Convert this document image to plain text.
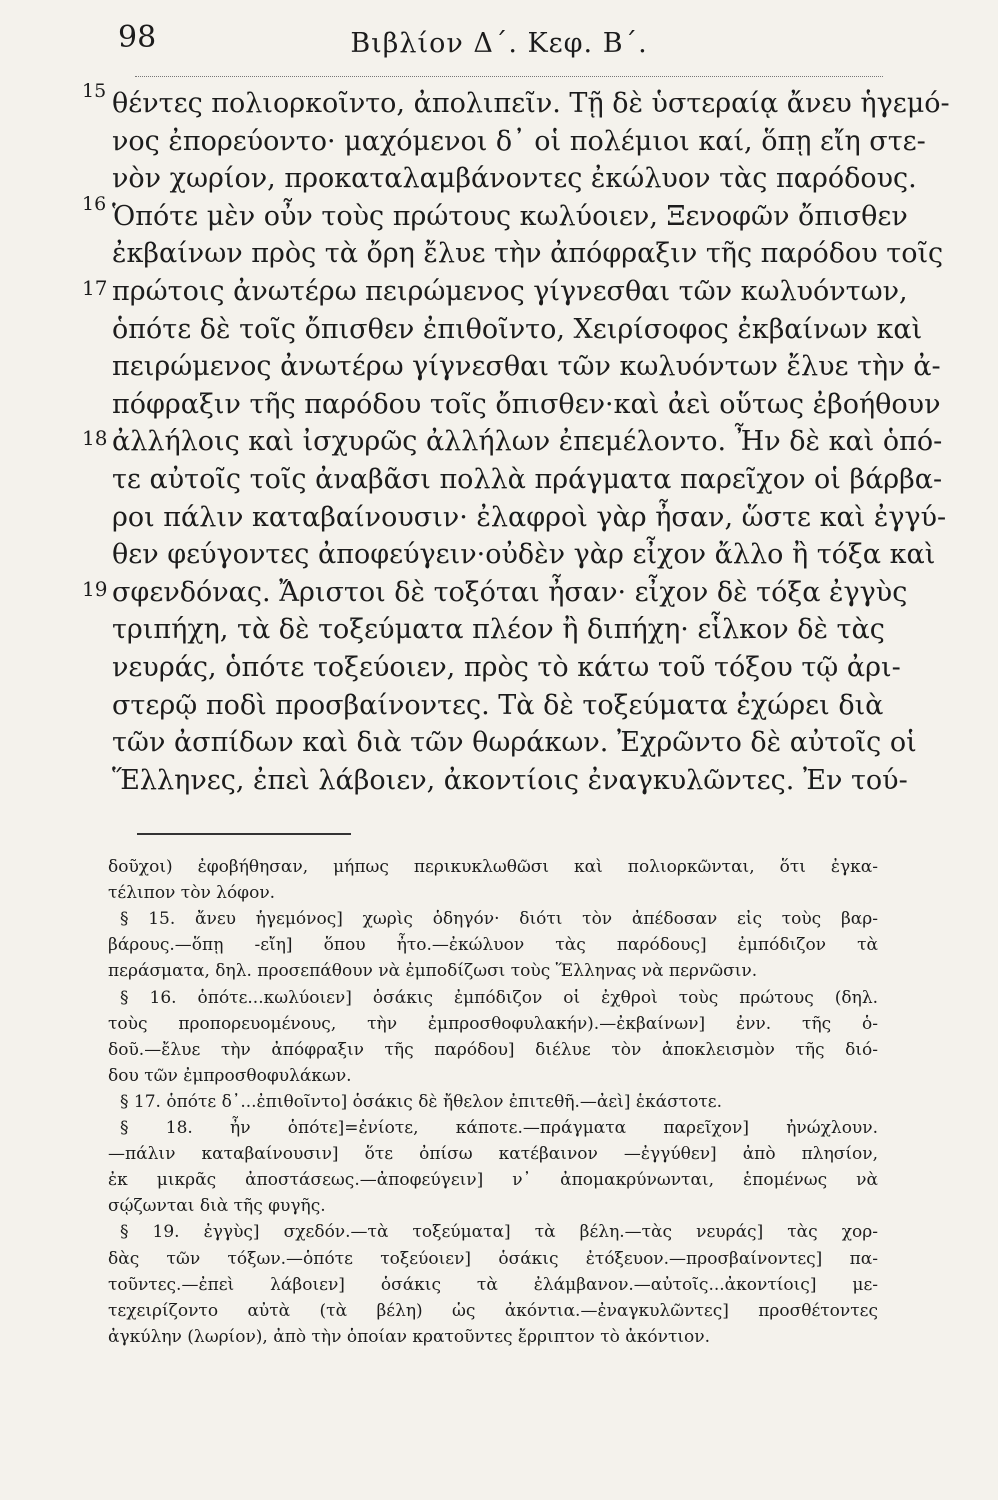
98	Βιβλίον Δ΄. Κεφ. Β΄.
15 θέντες πολιορκοῖντο, ἀπολιπεῖν. Τῇ δὲ ὑστεραίᾳ ἄνευ ἡγεμό-
νος ἐπορεύοντο· μαχόμενοι δ᾽ οἱ πολέμιοι καί, ὅπῃ εἴη στε-
νὸν χωρίον, προκαταλαμβάνοντες ἐκώλυον τὰς παρόδους.
16 Ὁπότε μὲν οὖν τοὺς πρώτους κωλύοιεν, Ξενοφῶν ὄπισθεν
ἐκβαίνων πρὸς τὰ ὄρη ἔλυε τὴν ἀπόφραξιν τῆς παρόδου τοῖς
17 πρώτοις ἀνωτέρω πειρώμενος γίγνεσθαι τῶν κωλυόντων,
ὁπότε δὲ τοῖς ὄπισθεν ἐπιθοῖντο, Χειρίσοφος ἐκβαίνων καὶ
πειρώμενος ἀνωτέρω γίγνεσθαι τῶν κωλυόντων ἔλυε τὴν ἀ-
πόφραξιν τῆς παρόδου τοῖς ὄπισθεν·καὶ ἀεὶ οὕτως ἐβοήθουν
18 ἀλλήλοις καὶ ἰσχυρῶς ἀλλήλων ἐπεμέλοντο. Ἦν δὲ καὶ ὁπό-
τε αὐτοῖς τοῖς ἀναβᾶσι πολλὰ πράγματα παρεῖχον οἱ βάρβα-
ροι πάλιν καταβαίνουσιν· ἐλαφροὶ γὰρ ἦσαν, ὥστε καὶ ἐγγύ-
θεν φεύγοντες ἀποφεύγειν·οὐδὲν γὰρ εἶχον ἄλλο ἢ τόξα καὶ
19 σφενδόνας. Ἄριστοι δὲ τοξόται ἦσαν· εἶχον δὲ τόξα ἐγγὺς
τριπήχη, τὰ δὲ τοξεύματα πλέον ἢ διπήχη· εἷλκον δὲ τὰς
νευράς, ὁπότε τοξεύοιεν, πρὸς τὸ κάτω τοῦ τόξου τῷ ἀρι-
στερῷ ποδὶ προσβαίνοντες. Τὰ δὲ τοξεύματα ἐχώρει διὰ
τῶν ἀσπίδων καὶ διὰ τῶν θωράκων. Ἐχρῶντο δὲ αὐτοῖς οἱ
Ἕλληνες, ἐπεὶ λάβοιεν, ἀκοντίοις ἐναγκυλῶντες. Ἐν τού-
δοῦχοι) ἐφοβήθησαν, μήπως περικυκλωθῶσι καὶ πολιορκῶνται, ὅτι ἐγκα-
τέλιπον τὸν λόφον.
§ 15. ἄνευ ἡγεμόνος] χωρὶς ὁδηγόν· διότι τὸν ἀπέδοσαν εἰς τοὺς βαρ-
βάρους.—ὅπῃ -εἴη] ὅπου ἦτο.—ἐκώλυον τὰς παρόδους] ἐμπόδιζον τὰ
περάσματα, δηλ. προσεπάθουν νὰ ἐμποδίζωσι τοὺς Ἕλληνας νὰ περνῶσιν.
§ 16. ὁπότε...κωλύοιεν] ὁσάκις ἐμπόδιζον οἱ ἐχθροὶ τοὺς πρώτους (δηλ.
τοὺς προπορευομένους, τὴν ἐμπροσθοφυλακήν).—ἐκβαίνων] ἐνν. τῆς ὁ-
δοῦ.—ἔλυε τὴν ἀπόφραξιν τῆς παρόδου] διέλυε τὸν ἀποκλεισμὸν τῆς διό-
δου τῶν ἐμπροσθοφυλάκων.
§ 17. ὁπότε δ᾽...ἐπιθοῖντο] ὁσάκις δὲ ἤθελον ἐπιτεθῆ.—ἀεὶ] ἑκάστοτε.
§ 18. ἦν ὁπότε]=ἐνίοτε, κάποτε.—πράγματα παρεῖχον] ἠνώχλουν.
—πάλιν καταβαίνουσιν] ὅτε ὀπίσω κατέβαινον —ἐγγύθεν] ἀπὸ πλησίον,
ἐκ μικρᾶς ἀποστάσεως.—ἀποφεύγειν] ν᾽ ἀπομακρύνωνται, ἑπομένως νὰ
σῴζωνται διὰ τῆς φυγῆς.
§ 19. ἐγγὺς] σχεδόν.—τὰ τοξεύματα] τὰ βέλη.—τὰς νευράς] τὰς χορ-
δὰς τῶν τόξων.—ὁπότε τοξεύοιεν] ὁσάκις ἐτόξευον.—προσβαίνοντες] πα-
τοῦντες.—ἐπεὶ λάβοιεν] ὁσάκις τὰ ἐλάμβανον.—αὐτοῖς...ἀκοντίοις] με-
τεχειρίζοντο αὐτὰ (τὰ βέλη) ὡς ἀκόντια.—ἐναγκυλῶντες] προσθέτοντες
ἀγκύλην (λωρίον), ἀπὸ τὴν ὁποίαν κρατοῦντες ἔρριπτον τὸ ἀκόντιον.
